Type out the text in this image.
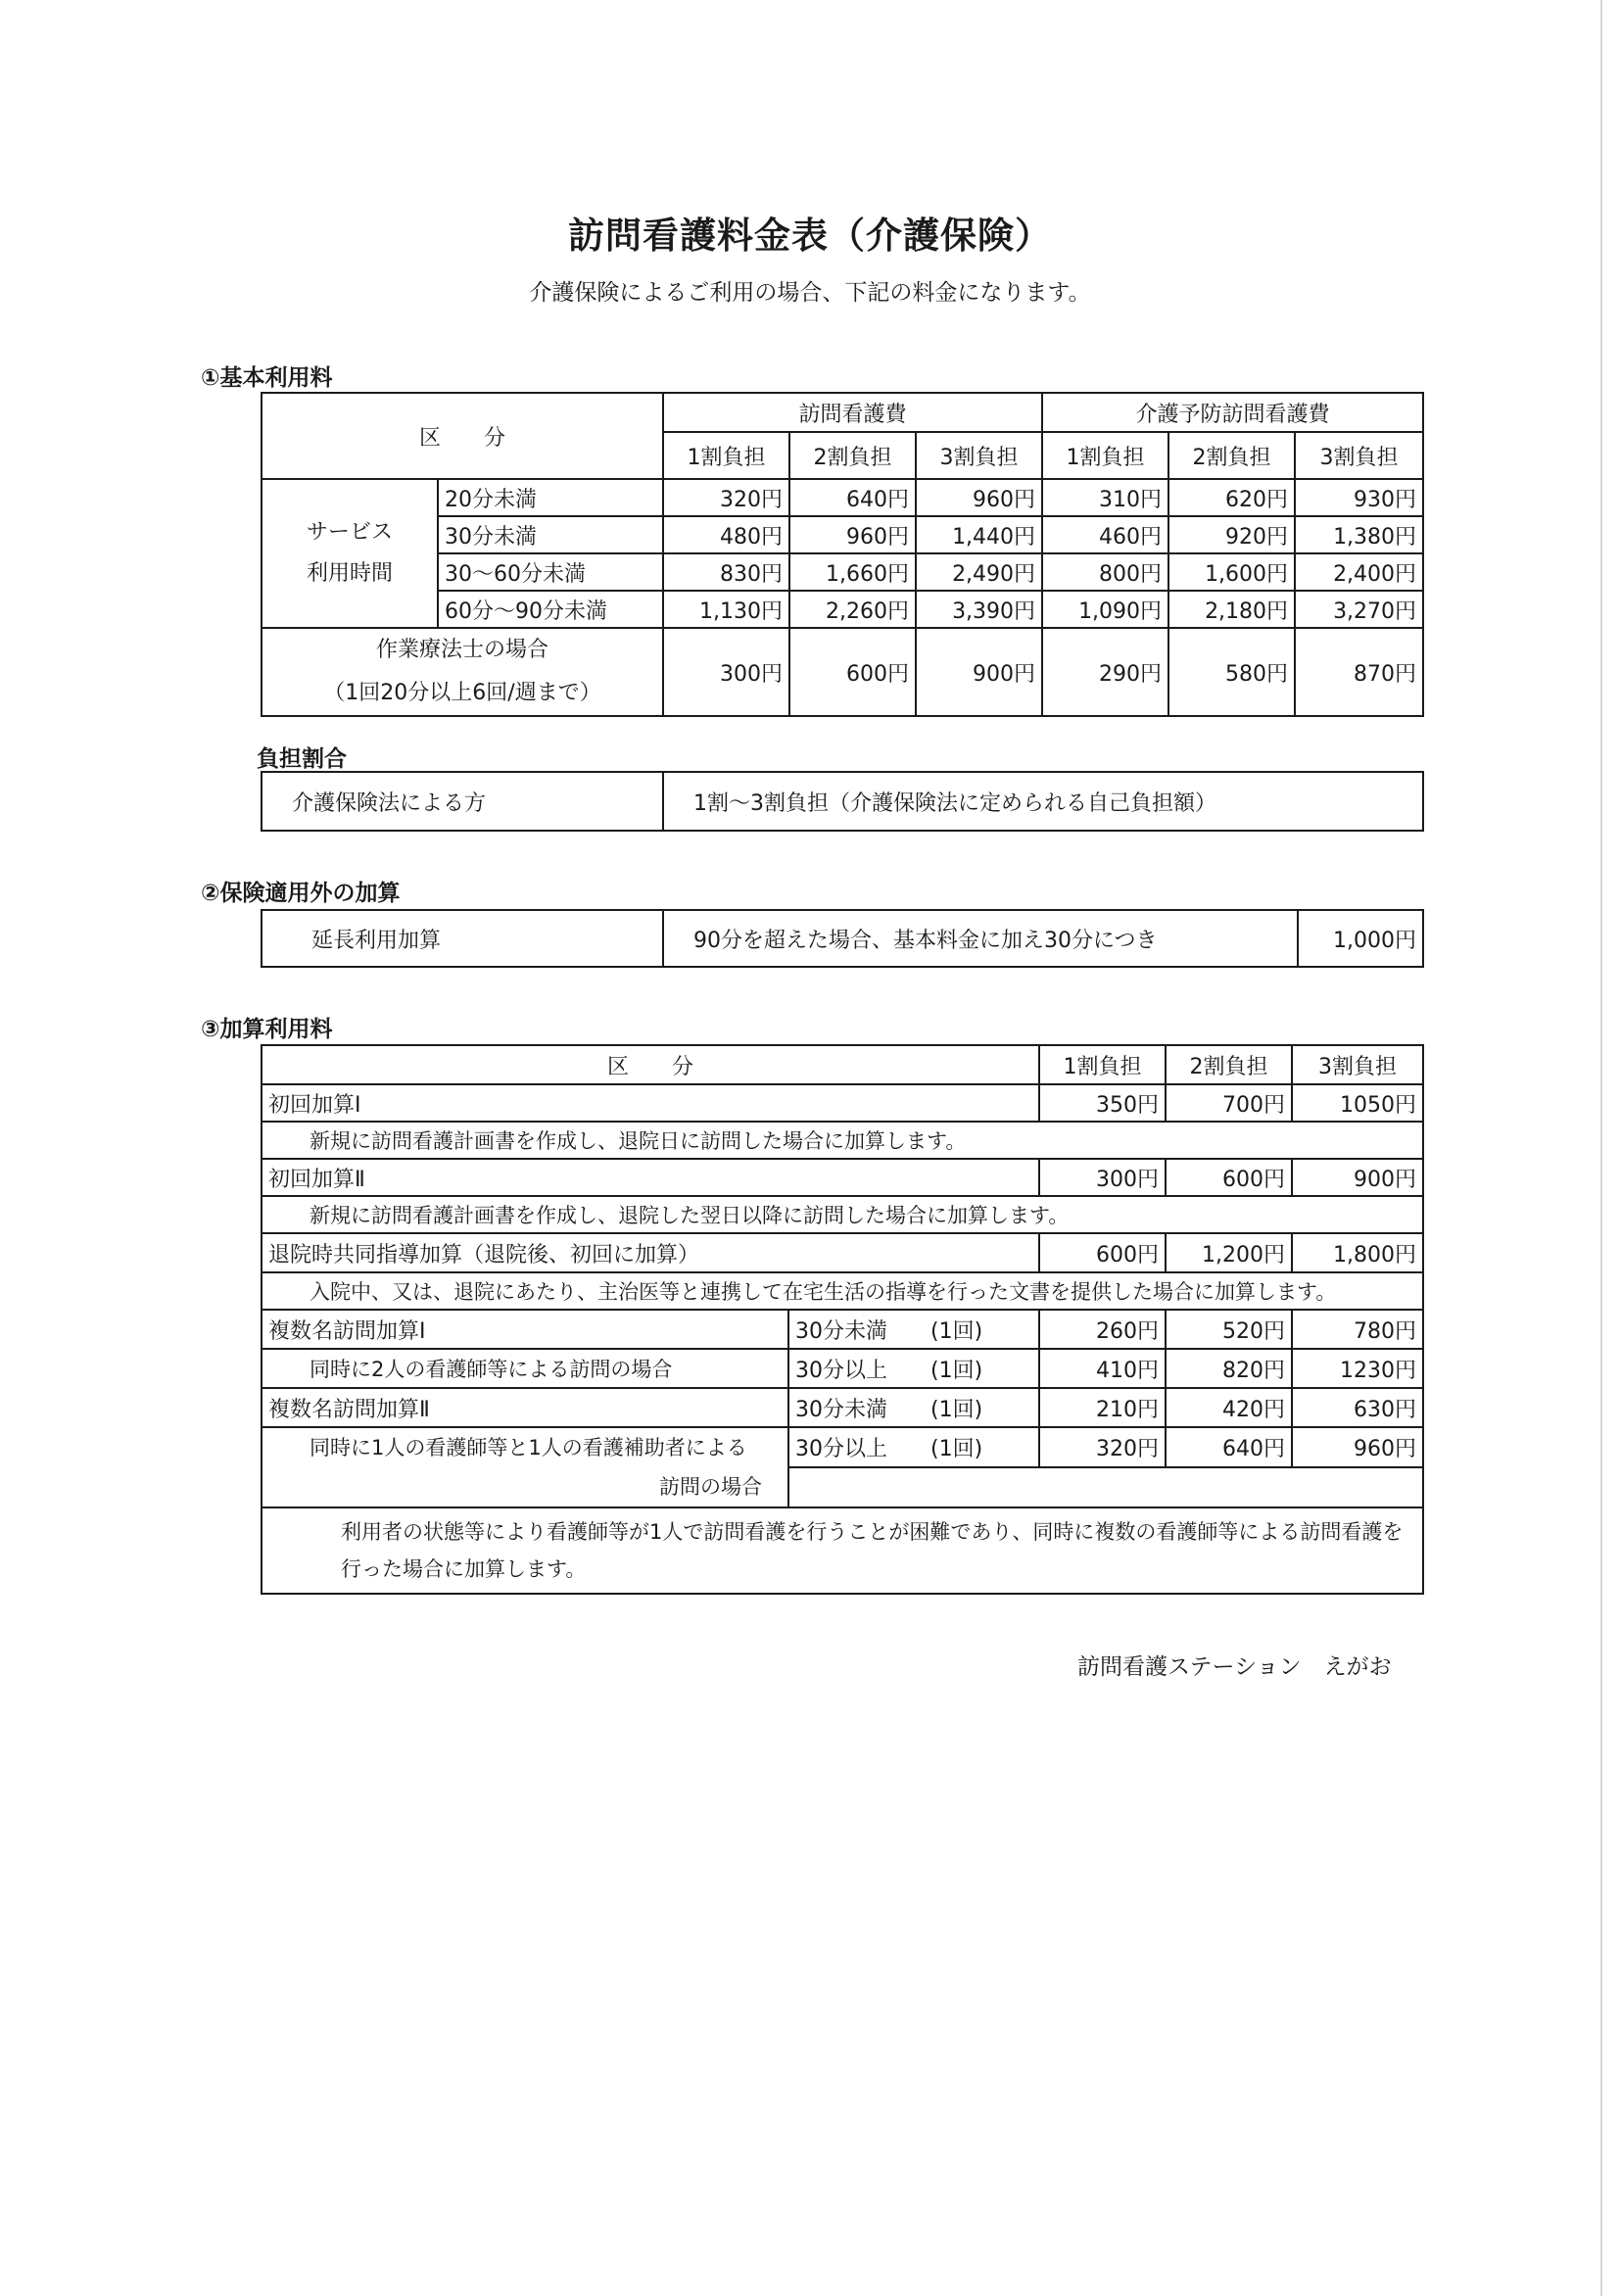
訪問看護料金表（介護保険）
介護保険によるご利用の場合、下記の料金になります。
①基本利用料
区　　分		訪問看護費			介護予防訪問看護費		
		1割負担	2割負担	3割負担	1割負担	2割負担	3割負担

サービス
利用時間	20分未満	320円	640円	960円	310円	620円	930円
	30分未満	480円	960円	1,440円	460円	920円	1,380円
	30～60分未満	830円	1,660円	2,490円	800円	1,600円	2,400円
	60分～90分未満	1,130円	2,260円	3,390円	1,090円	2,180円	3,270円

作業療法士の場合
（1回20分以上6回/週まで）		300円	600円	900円	290円	580円	870円
負担割合
介護保険法による方	1割～3割負担（介護保険法に定められる自己負担額）
②保険適用外の加算
延長利用加算	90分を超えた場合、基本料金に加え30分につき	1,000円
③加算利用料
区　　分		1割負担	2割負担	3割負担
初回加算Ⅰ		350円	700円	1050円
新規に訪問看護計画書を作成し、退院日に訪問した場合に加算します。				
初回加算Ⅱ		300円	600円	900円
新規に訪問看護計画書を作成し、退院した翌日以降に訪問した場合に加算します。				
退院時共同指導加算（退院後、初回に加算）		600円	1,200円	1,800円
入院中、又は、退院にあたり、主治医等と連携して在宅生活の指導を行った文書を提供した場合に加算します。				
複数名訪問加算Ⅰ	30分未満　　(1回)	260円	520円	780円
同時に2人の看護師等による訪問の場合	30分以上　　(1回)	410円	820円	1230円
複数名訪問加算Ⅱ	30分未満　　(1回)	210円	420円	630円

同時に1人の看護師等と1人の看護補助者による
訪問の場合	30分以上　　(1回)	320円	640円	960円

利用者の状態等により看護師等が1人で訪問看護を行うことが困難であり、同時に複数の看護師等による訪問看護を行った場合に加算します。				
訪問看護ステーション　えがお
